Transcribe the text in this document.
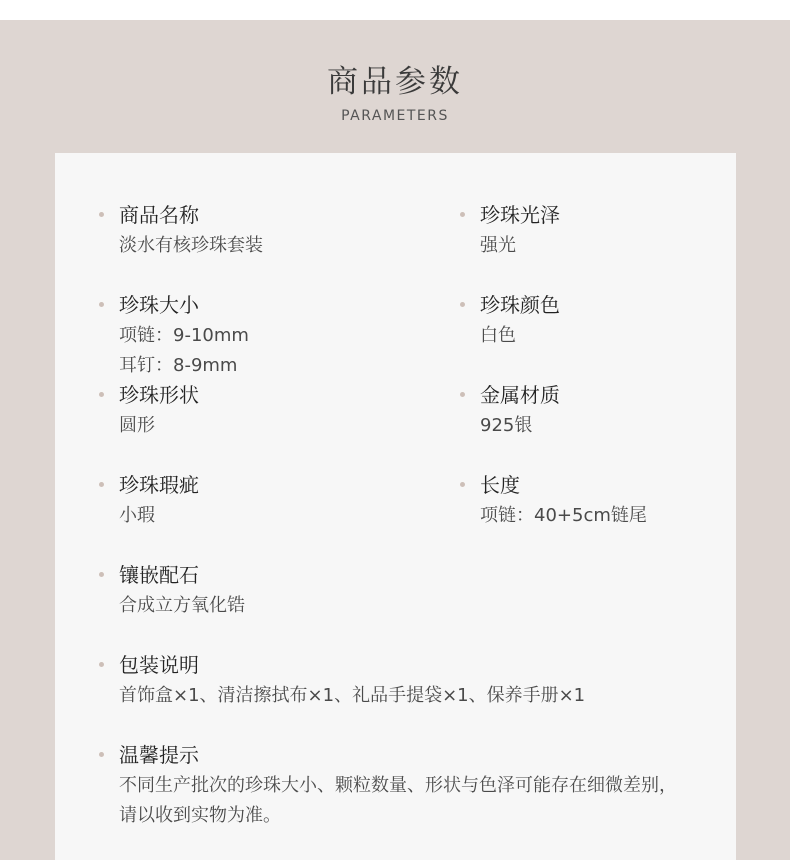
商品参数
PARAMETERS
商品名称
淡水有核珍珠套装
珍珠大小
项链：9-10mm
耳钉：8-9mm
珍珠形状
圆形
珍珠瑕疵
小瑕
镶嵌配石
合成立方氧化锆
包装说明
首饰盒×1、清洁擦拭布×1、礼品手提袋×1、保养手册×1
温馨提示
不同生产批次的珍珠大小、颗粒数量、形状与色泽可能存在细微差别，请以收到实物为准。
珍珠光泽
强光
珍珠颜色
白色
金属材质
925银
长度
项链：40+5cm链尾
